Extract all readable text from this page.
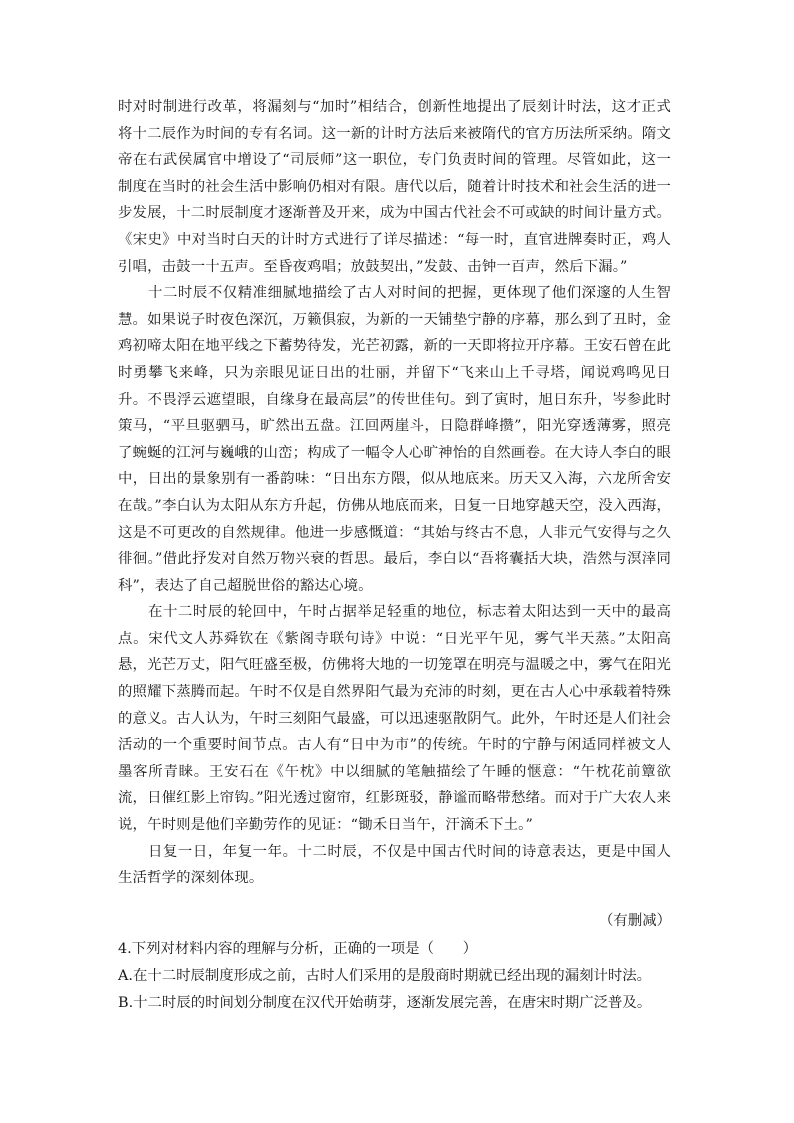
时对时制进行改革，将漏刻与“加时”相结合，创新性地提出了辰刻计时法，这才正式将十二辰作为时间的专有名词。这一新的计时方法后来被隋代的官方历法所采纳。隋文帝在右武侯属官中增设了“司辰师”这一职位，专门负责时间的管理。尽管如此，这一制度在当时的社会生活中影响仍相对有限。唐代以后，随着计时技术和社会生活的进一步发展，十二时辰制度才逐渐普及开来，成为中国古代社会不可或缺的时间计量方式。《宋史》中对当时白天的计时方式进行了详尽描述：“每一时，直官进牌奏时正，鸡人引唱，击鼓一十五声。至昏夜鸡唱；放鼓契出，”发鼓、击钟一百声，然后下漏。”

十二时辰不仅精准细腻地描绘了古人对时间的把握，更体现了他们深邃的人生智慧。如果说子时夜色深沉，万籁俱寂，为新的一天铺垫宁静的序幕，那么到了丑时，金鸡初啼太阳在地平线之下蓄势待发，光芒初露，新的一天即将拉开序幕。王安石曾在此时勇攀飞来峰，只为亲眼见证日出的壮丽，并留下“飞来山上千寻塔，闻说鸡鸣见日升。不畏浮云遮望眼，自缘身在最高层”的传世佳句。到了寅时，旭日东升，岑参此时策马，“平旦驱驷马，旷然出五盘。江回两崖斗，日隐群峰攒”，阳光穿透薄雾，照亮了蜿蜒的江河与巍峨的山峦；构成了一幅令人心旷神怡的自然画卷。在大诗人李白的眼中，日出的景象别有一番韵味：“日出东方隈，似从地底来。历天又入海，六龙所舍安在哉。”李白认为太阳从东方升起，仿佛从地底而来，日复一日地穿越天空，没入西海，这是不可更改的自然规律。他进一步感慨道：“其始与终古不息，人非元气安得与之久徘徊。”借此抒发对自然万物兴衰的哲思。最后，李白以“吾将囊括大块，浩然与溟涬同科”，表达了自己超脱世俗的豁达心境。

在十二时辰的轮回中，午时占据举足轻重的地位，标志着太阳达到一天中的最高点。宋代文人苏舜钦在《紫阁寺联句诗》中说：“日光平午见，雾气半天蒸。”太阳高悬，光芒万丈，阳气旺盛至极，仿佛将大地的一切笼罩在明亮与温暖之中，雾气在阳光的照耀下蒸腾而起。午时不仅是自然界阳气最为充沛的时刻，更在古人心中承载着特殊的意义。古人认为，午时三刻阳气最盛，可以迅速驱散阴气。此外，午时还是人们社会活动的一个重要时间节点。古人有“日中为市”的传统。午时的宁静与闲适同样被文人墨客所青睐。王安石在《午枕》中以细腻的笔触描绘了午睡的惬意：“午枕花前簟欲流，日催红影上帘钩。”阳光透过窗帘，红影斑驳，静谧而略带愁绪。而对于广大农人来说，午时则是他们辛勤劳作的见证：“锄禾日当午，汗滴禾下土。”

日复一日，年复一年。十二时辰，不仅是中国古代时间的诗意表达，更是中国人生活哲学的深刻体现。

（有删减）

4.下列对材料内容的理解与分析，正确的一项是（　　）

A.在十二时辰制度形成之前，古时人们采用的是殷商时期就已经出现的漏刻计时法。

B.十二时辰的时间划分制度在汉代开始萌芽，逐渐发展完善，在唐宋时期广泛普及。
